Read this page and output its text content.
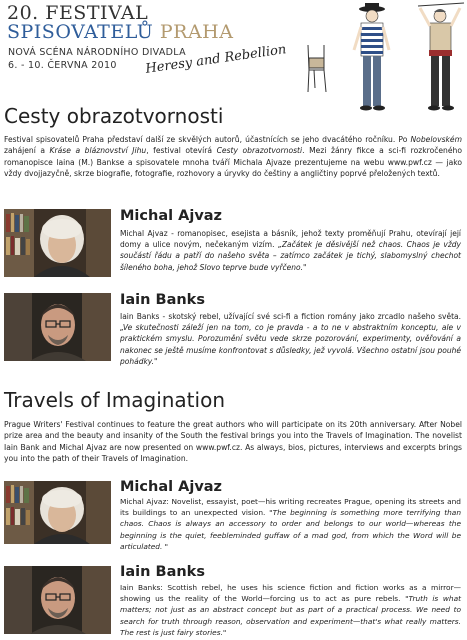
20. FESTIVAL
SPISOVATELŮ PRAHA
NOVÁ SCÉNA NÁRODNÍHO DIVADLA
6. - 10. ČERVNA 2010 Heresy and Rebellion
Cesty obrazotvornosti

Festival spisovatelů Praha představí další ze skvělých autorů, účastnících se jeho dvacátého ročníku. Po Nobelovském zahájení a Kráse a bláznovství Jihu, festival otevírá Cesty obrazotvornosti. Mezi žánry fikce a sci-fi rozkročeného romanopisce laina (M.) Bankse a spisovatele mnoha tváří Michala Ajvaze prezentujeme na webu www.pwf.cz — jako vždy dvojjazyčně, skrze biografie, fotografie, rozhovory a úryvky do češtiny a angličtiny poprvé přeložených textů.

Michal Ajvaz

Michal Ajvaz - romanopisec, esejista a básník, jehož texty proměňují Prahu, otevírají její domy a ulice novým, nečekaným vizím. „Začátek je děsivější než chaos. Chaos je vždy součástí řádu a patří do našeho světa – zatímco začátek je tichý, slabomyslný chechot šíleného boha, jehož Slovo teprve bude vyřčeno."

Iain Banks

Iain Banks - skotský rebel, užívající své sci-fi a fiction romány jako zrcadlo našeho světa. „Ve skutečnosti záleží jen na tom, co je pravda - a to ne v abstraktním konceptu, ale v praktickém smyslu. Porozumění světu vede skrze pozorování, experimenty, ověřování a nakonec se ještě musíme konfrontovat s důsledky, jež vyvolá. Všechno ostatní jsou pouhé pohádky."

Travels of Imagination

Prague Writers' Festival continues to feature the great authors who will participate on its 20th anniversary. After Nobel prize area and the beauty and insanity of the South the festival brings you into the Travels of Imagination. The novelist Iain Bank and Michal Ajvaz are now presented on www.pwf.cz. As always, bios, pictures, interviews and excerpts brings you into the path of their Travels of Imagination.

Michal Ajvaz

Michal Ajvaz: Novelist, essayist, poet—his writing recreates Prague, opening its streets and its buildings to an unexpected vision. "The beginning is something more terrifying than chaos. Chaos is always an accessory to order and belongs to our world—whereas the beginning is the quiet, feebleminded guffaw of a mad god, from which the Word will be articulated. "

Iain Banks

Iain Banks: Scottish rebel, he uses his science fiction and fiction works as a mirror—showing us the reality of the World—forcing us to act as pure rebels. "Truth is what matters; not just as an abstract concept but as part of a practical process. We need to search for truth through reason, observation and experiment—that's what really matters. The rest is just fairy stories."
